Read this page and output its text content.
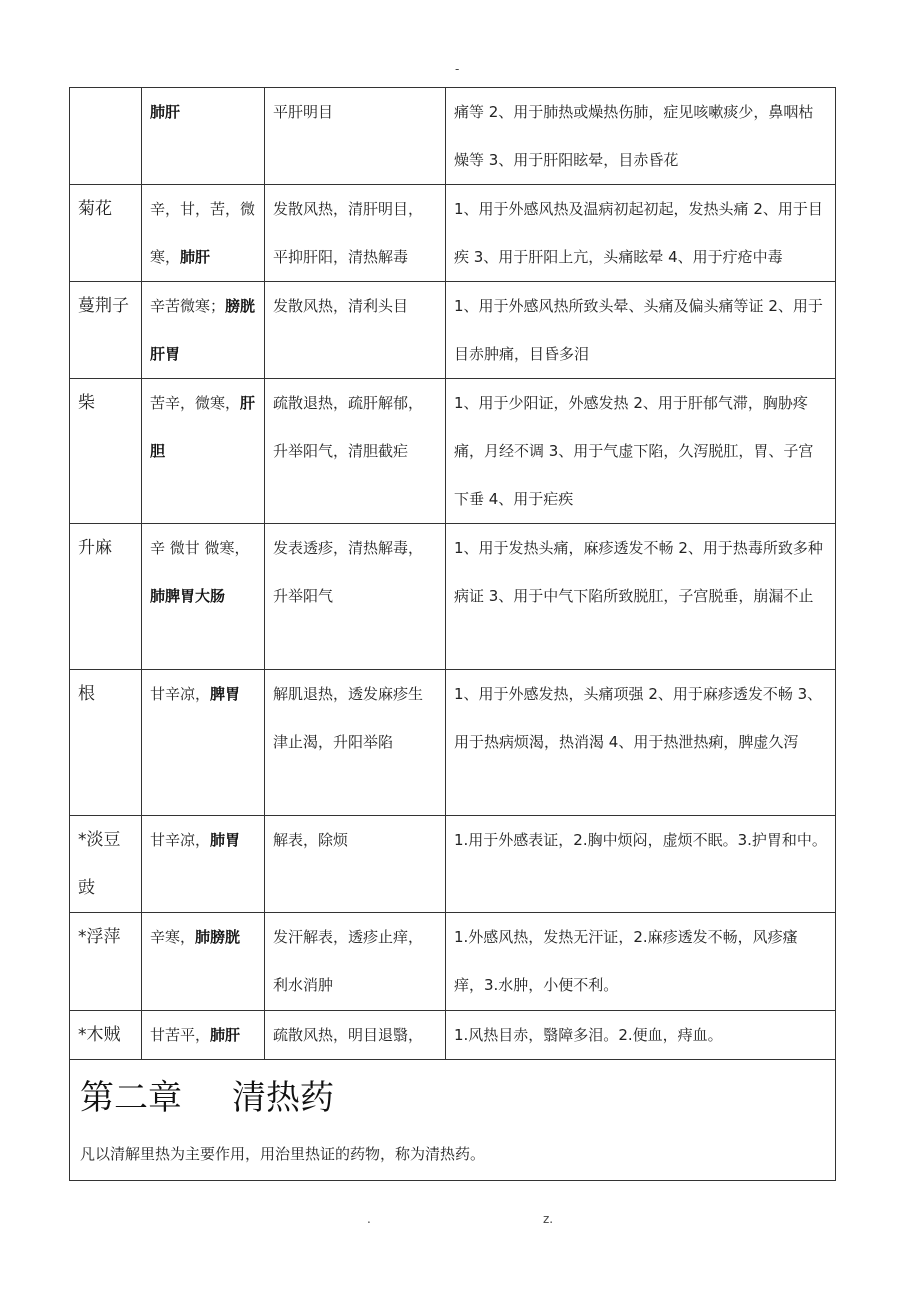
-
	肺肝	平肝明目	痛等 2、用于肺热或燥热伤肺，症见咳嗽痰少，鼻咽枯燥等 3、用于肝阳眩晕，目赤昏花
菊花	辛，甘，苦，微寒，肺肝	发散风热，清肝明目，平抑肝阳，清热解毒	1、用于外感风热及温病初起初起，发热头痛 2、用于目疾 3、用于肝阳上亢，头痛眩晕 4、用于疔疮中毒
蔓荆子	辛苦微寒；膀胱肝胃	发散风热，清利头目	1、用于外感风热所致头晕、头痛及偏头痛等证 2、用于目赤肿痛，目昏多泪
柴	苦辛，微寒，肝胆	疏散退热，疏肝解郁，升举阳气，清胆截疟	1、用于少阳证，外感发热 2、用于肝郁气滞，胸胁疼痛，月经不调 3、用于气虚下陷，久泻脱肛，胃、子宫下垂 4、用于疟疾
升麻	辛 微甘 微寒，肺脾胃大肠	发表透疹，清热解毒，升举阳气	1、用于发热头痛，麻疹透发不畅 2、用于热毒所致多种病证 3、用于中气下陷所致脱肛，子宫脱垂，崩漏不止
根	甘辛凉，脾胃	解肌退热，透发麻疹生津止渴，升阳举陷	1、用于外感发热，头痛项强 2、用于麻疹透发不畅 3、用于热病烦渴，热消渴 4、用于热泄热痢，脾虚久泻
*淡豆豉	甘辛凉，肺胃	解表，除烦	1.用于外感表证，2.胸中烦闷，虚烦不眠。3.护胃和中。
*浮萍	辛寒，肺膀胱	发汗解表，透疹止痒，利水消肿	1.外感风热，发热无汗证，2.麻疹透发不畅，风疹瘙痒，3.水肿，小便不利。
*木贼	甘苦平，肺肝	疏散风热，明目退翳，	1.风热目赤，翳障多泪。2.便血，痔血。

第二章 清热药
凡以清解里热为主要作用，用治里热证的药物，称为清热药。			
.	z.
